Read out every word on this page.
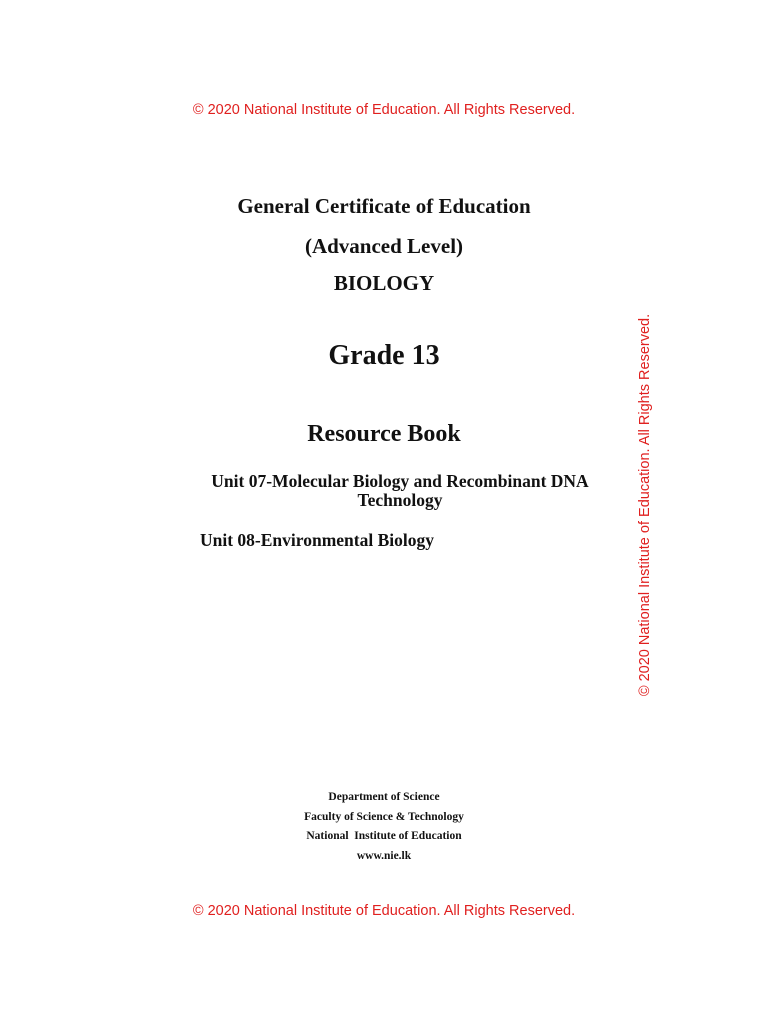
© 2020 National Institute of Education. All Rights Reserved.
© 2020 National Institute of Education. All Rights Reserved.
General Certificate of Education
(Advanced Level)
BIOLOGY
Grade 13
Resource Book
Unit 07-Molecular Biology and Recombinant DNA
Technology
Unit 08-Environmental Biology
Department of Science
Faculty of Science & Technology
National  Institute of Education
www.nie.lk
© 2020 National Institute of Education. All Rights Reserved.
